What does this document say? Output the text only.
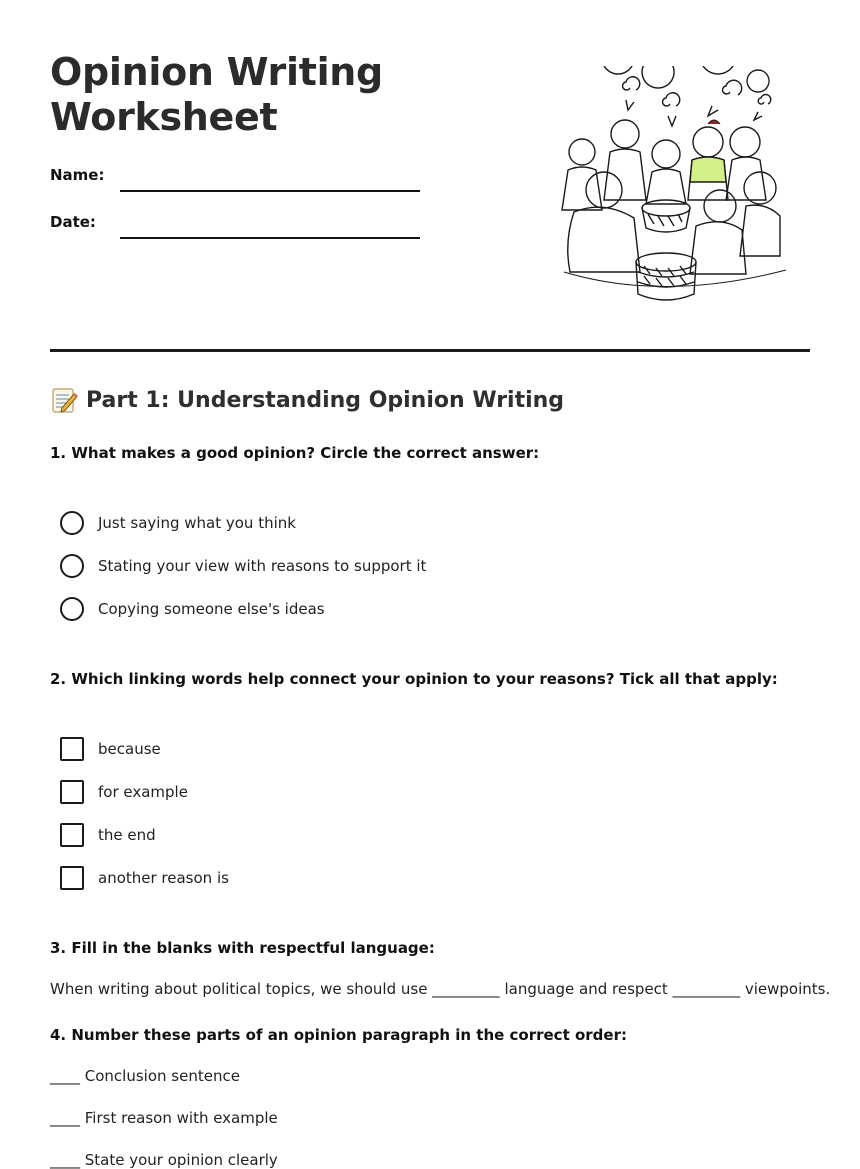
Opinion Writing
Worksheet
Name:
Date:
Part 1: Understanding Opinion Writing

1. What makes a good opinion? Circle the correct answer:

Just saying what you think
Stating your view with reasons to support it
Copying someone else's ideas

2. Which linking words help connect your opinion to your reasons? Tick all that apply:

because
for example
the end
another reason is

3. Fill in the blanks with respectful language:

When writing about political topics, we should use _________ language and respect _________ viewpoints.

4. Number these parts of an opinion paragraph in the correct order:

____ Conclusion sentence
____ First reason with example
____ State your opinion clearly
